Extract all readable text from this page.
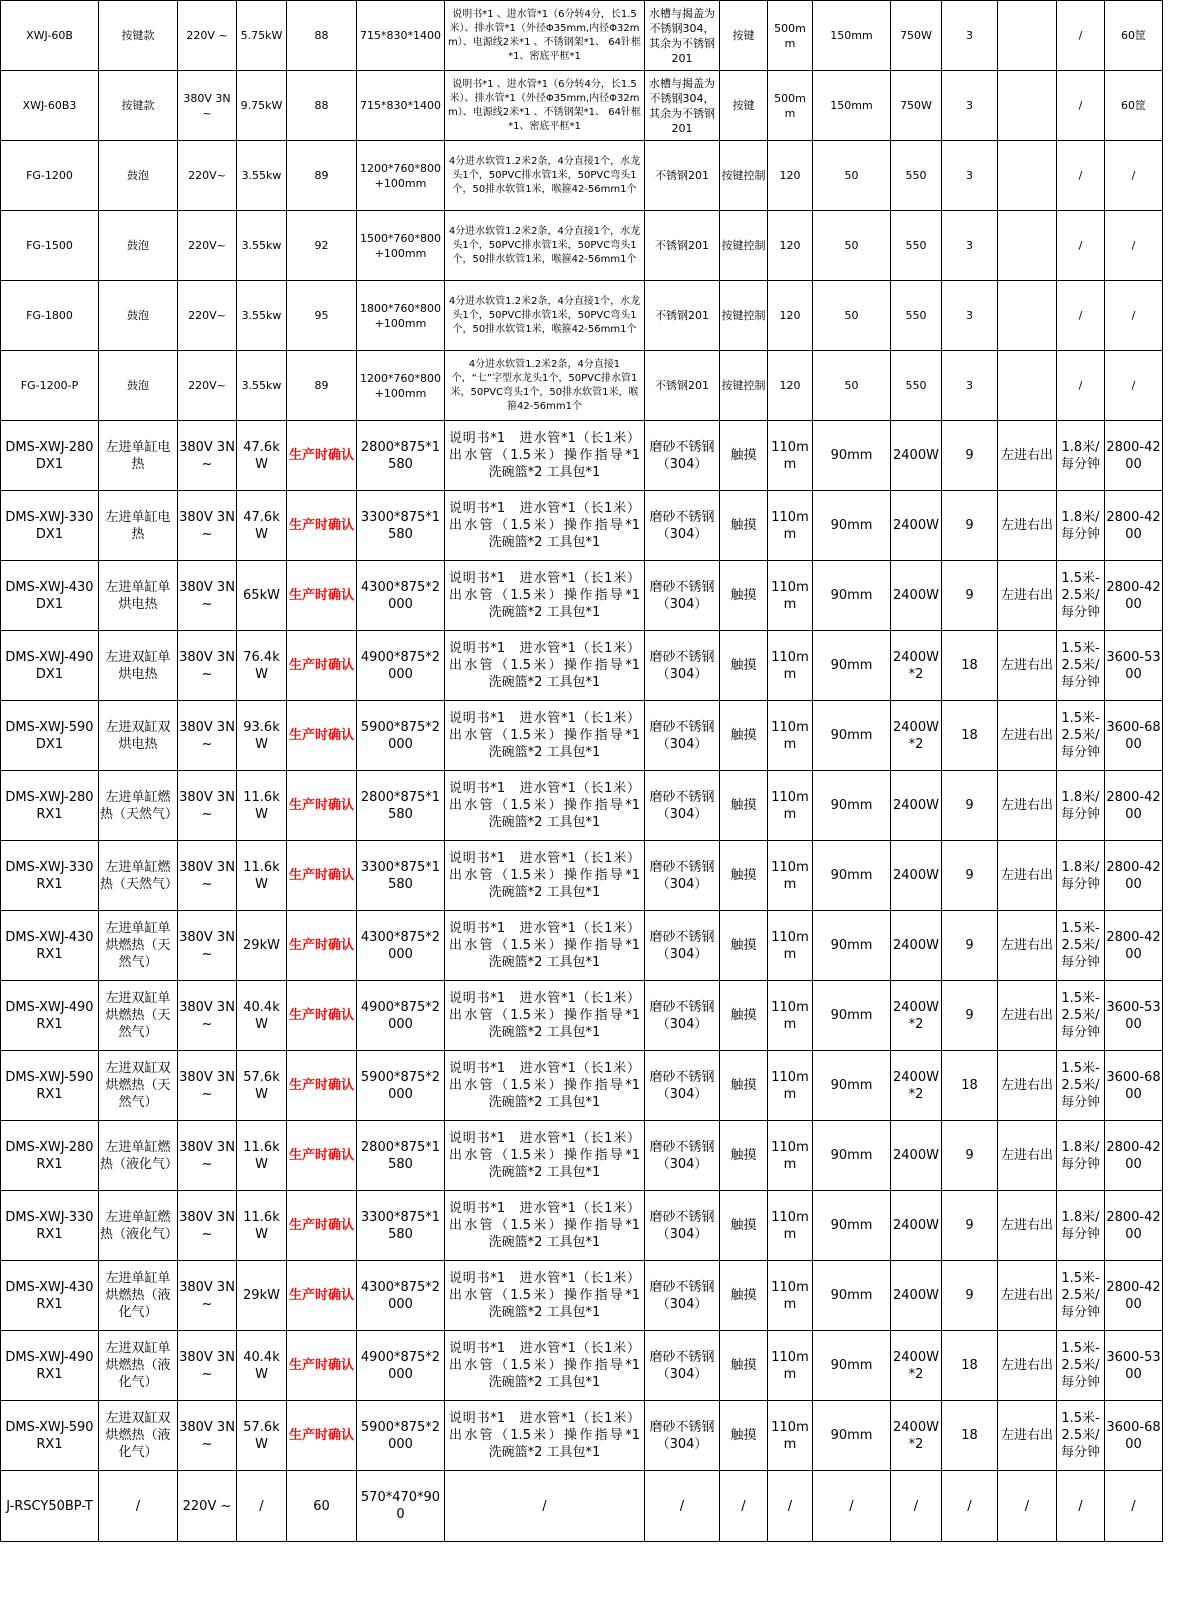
XWJ-60B	按键款	220V ~	5.75kW	88	715*830*1400	说明书*1 、进水管*1（6分转4分，长1.5米）、排水管*1（外径Φ35mm,内径Φ32mm）、电源线2米*1 、不锈钢架*1、 64针框*1、密底平框*1	水槽与揭盖为不锈钢304，其余为不锈钢201	按键	500mm	150mm	750W	3		/	60筐
XWJ-60B3	按键款	380V 3N~	9.75kW	88	715*830*1400	说明书*1 、进水管*1（6分转4分，长1.5米）、排水管*1（外径Φ35mm,内径Φ32mm）、电源线2米*1 、不锈钢架*1、 64针框*1、密底平框*1	水槽与揭盖为不锈钢304，其余为不锈钢201	按键	500mm	150mm	750W	3		/	60筐
FG-1200	鼓泡	220V~	3.55kw	89	1200*760*800+100mm	4分进水软管1.2米2条，4分直接1个，水龙头1个，50PVC排水管1米，50PVC弯头1个，50排水软管1米，喉箍42-56mm1个	不锈钢201	按键控制	120	50	550	3		/	/
FG-1500	鼓泡	220V~	3.55kw	92	1500*760*800+100mm	4分进水软管1.2米2条，4分直接1个，水龙头1个，50PVC排水管1米，50PVC弯头1个，50排水软管1米，喉箍42-56mm1个	不锈钢201	按键控制	120	50	550	3		/	/
FG-1800	鼓泡	220V~	3.55kw	95	1800*760*800+100mm	4分进水软管1.2米2条，4分直接1个，水龙头1个，50PVC排水管1米，50PVC弯头1个，50排水软管1米，喉箍42-56mm1个	不锈钢201	按键控制	120	50	550	3		/	/
FG-1200-P	鼓泡	220V~	3.55kw	89	1200*760*800+100mm	4分进水软管1.2米2条，4分直接1个，“七”字型水龙头1个，50PVC排水管1米，50PVC弯头1个，50排水软管1米，喉箍42-56mm1个	不锈钢201	按键控制	120	50	550	3		/	/
DMS-XWJ-280DX1	左进单缸电热	380V 3N ~	47.6kW	生产时确认	2800*875*1580	说明书*1　进水管*1（长1米）出水管（1.5米）操作指导*1　洗碗篮*2 工具包*1	磨砂不锈钢（304）	触摸	110mm	90mm	2400W	9	左进右出	1.8米/每分钟	2800-4200
DMS-XWJ-330DX1	左进单缸电热	380V 3N ~	47.6kW	生产时确认	3300*875*1580	说明书*1　进水管*1（长1米）出水管（1.5米）操作指导*1　洗碗篮*2 工具包*1	磨砂不锈钢（304）	触摸	110mm	90mm	2400W	9	左进右出	1.8米/每分钟	2800-4200
DMS-XWJ-430DX1	左进单缸单烘电热	380V 3N ~	65kW	生产时确认	4300*875*2000	说明书*1　进水管*1（长1米）出水管（1.5米）操作指导*1　洗碗篮*2 工具包*1	磨砂不锈钢（304）	触摸	110mm	90mm	2400W	9	左进右出	1.5米-2.5米/每分钟	2800-4200
DMS-XWJ-490DX1	左进双缸单烘电热	380V 3N ~	76.4kW	生产时确认	4900*875*2000	说明书*1　进水管*1（长1米）出水管（1.5米）操作指导*1　洗碗篮*2 工具包*1	磨砂不锈钢（304）	触摸	110mm	90mm	2400W*2	18	左进右出	1.5米-2.5米/每分钟	3600-5300
DMS-XWJ-590DX1	左进双缸双烘电热	380V 3N ~	93.6kW	生产时确认	5900*875*2000	说明书*1　进水管*1（长1米）出水管（1.5米）操作指导*1　洗碗篮*2 工具包*1	磨砂不锈钢（304）	触摸	110mm	90mm	2400W*2	18	左进右出	1.5米-2.5米/每分钟	3600-6800
DMS-XWJ-280RX1	左进单缸燃热（天然气）	380V 3N ~	11.6kW	生产时确认	2800*875*1580	说明书*1　进水管*1（长1米）出水管（1.5米）操作指导*1　洗碗篮*2 工具包*1	磨砂不锈钢（304）	触摸	110mm	90mm	2400W	9	左进右出	1.8米/每分钟	2800-4200
DMS-XWJ-330RX1	左进单缸燃热（天然气）	380V 3N ~	11.6kW	生产时确认	3300*875*1580	说明书*1　进水管*1（长1米）出水管（1.5米）操作指导*1　洗碗篮*2 工具包*1	磨砂不锈钢（304）	触摸	110mm	90mm	2400W	9	左进右出	1.8米/每分钟	2800-4200
DMS-XWJ-430RX1	左进单缸单烘燃热（天然气）	380V 3N ~	29kW	生产时确认	4300*875*2000	说明书*1　进水管*1（长1米）出水管（1.5米）操作指导*1　洗碗篮*2 工具包*1	磨砂不锈钢（304）	触摸	110mm	90mm	2400W	9	左进右出	1.5米-2.5米/每分钟	2800-4200
DMS-XWJ-490RX1	左进双缸单烘燃热（天然气）	380V 3N ~	40.4kW	生产时确认	4900*875*2000	说明书*1　进水管*1（长1米）出水管（1.5米）操作指导*1　洗碗篮*2 工具包*1	磨砂不锈钢（304）	触摸	110mm	90mm	2400W*2	9	左进右出	1.5米-2.5米/每分钟	3600-5300
DMS-XWJ-590RX1	左进双缸双烘燃热（天然气）	380V 3N ~	57.6kW	生产时确认	5900*875*2000	说明书*1　进水管*1（长1米）出水管（1.5米）操作指导*1　洗碗篮*2 工具包*1	磨砂不锈钢（304）	触摸	110mm	90mm	2400W*2	18	左进右出	1.5米-2.5米/每分钟	3600-6800
DMS-XWJ-280RX1	左进单缸燃热（液化气）	380V 3N ~	11.6kW	生产时确认	2800*875*1580	说明书*1　进水管*1（长1米）出水管（1.5米）操作指导*1　洗碗篮*2 工具包*1	磨砂不锈钢（304）	触摸	110mm	90mm	2400W	9	左进右出	1.8米/每分钟	2800-4200
DMS-XWJ-330RX1	左进单缸燃热（液化气）	380V 3N ~	11.6kW	生产时确认	3300*875*1580	说明书*1　进水管*1（长1米）出水管（1.5米）操作指导*1　洗碗篮*2 工具包*1	磨砂不锈钢（304）	触摸	110mm	90mm	2400W	9	左进右出	1.8米/每分钟	2800-4200
DMS-XWJ-430RX1	左进单缸单烘燃热（液化气）	380V 3N ~	29kW	生产时确认	4300*875*2000	说明书*1　进水管*1（长1米）出水管（1.5米）操作指导*1　洗碗篮*2 工具包*1	磨砂不锈钢（304）	触摸	110mm	90mm	2400W	9	左进右出	1.5米-2.5米/每分钟	2800-4200
DMS-XWJ-490RX1	左进双缸单烘燃热（液化气）	380V 3N ~	40.4kW	生产时确认	4900*875*2000	说明书*1　进水管*1（长1米）出水管（1.5米）操作指导*1　洗碗篮*2 工具包*1	磨砂不锈钢（304）	触摸	110mm	90mm	2400W*2	18	左进右出	1.5米-2.5米/每分钟	3600-5300
DMS-XWJ-590RX1	左进双缸双烘燃热（液化气）	380V 3N ~	57.6kW	生产时确认	5900*875*2000	说明书*1　进水管*1（长1米）出水管（1.5米）操作指导*1　洗碗篮*2 工具包*1	磨砂不锈钢（304）	触摸	110mm	90mm	2400W*2	18	左进右出	1.5米-2.5米/每分钟	3600-6800
J-RSCY50BP-T	/	220V ~	/	60	570*470*900	/	/	/	/	/	/	/	/	/	/
